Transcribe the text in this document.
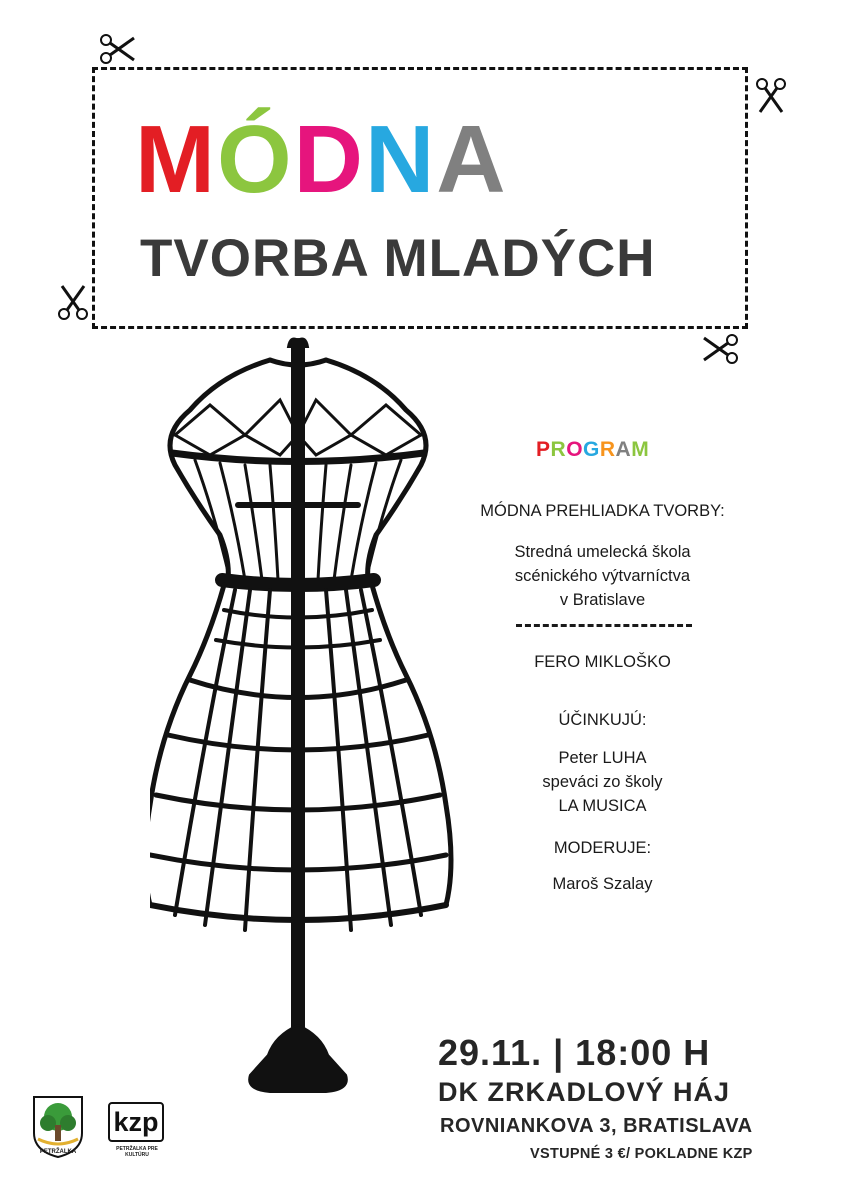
MÓDNA
TVORBA MLADÝCH
PROGRAM
MÓDNA PREHLIADKA TVORBY:
Stredná umelecká škola
scénického výtvarníctva
v Bratislave
FERO MIKLOŠKO
ÚČINKUJÚ:
Peter LUHA
speváci zo školy
LA MUSICA
MODERUJE:
Maroš Szalay
29.11. | 18:00 H
DK ZRKADLOVÝ HÁJ
ROVNIANKOVA 3, BRATISLAVA
VSTUPNÉ 3 €/ POKLADNE KZP
PETRŽALKA
kzp
PETRŽALKA PRE KULTÚRU
